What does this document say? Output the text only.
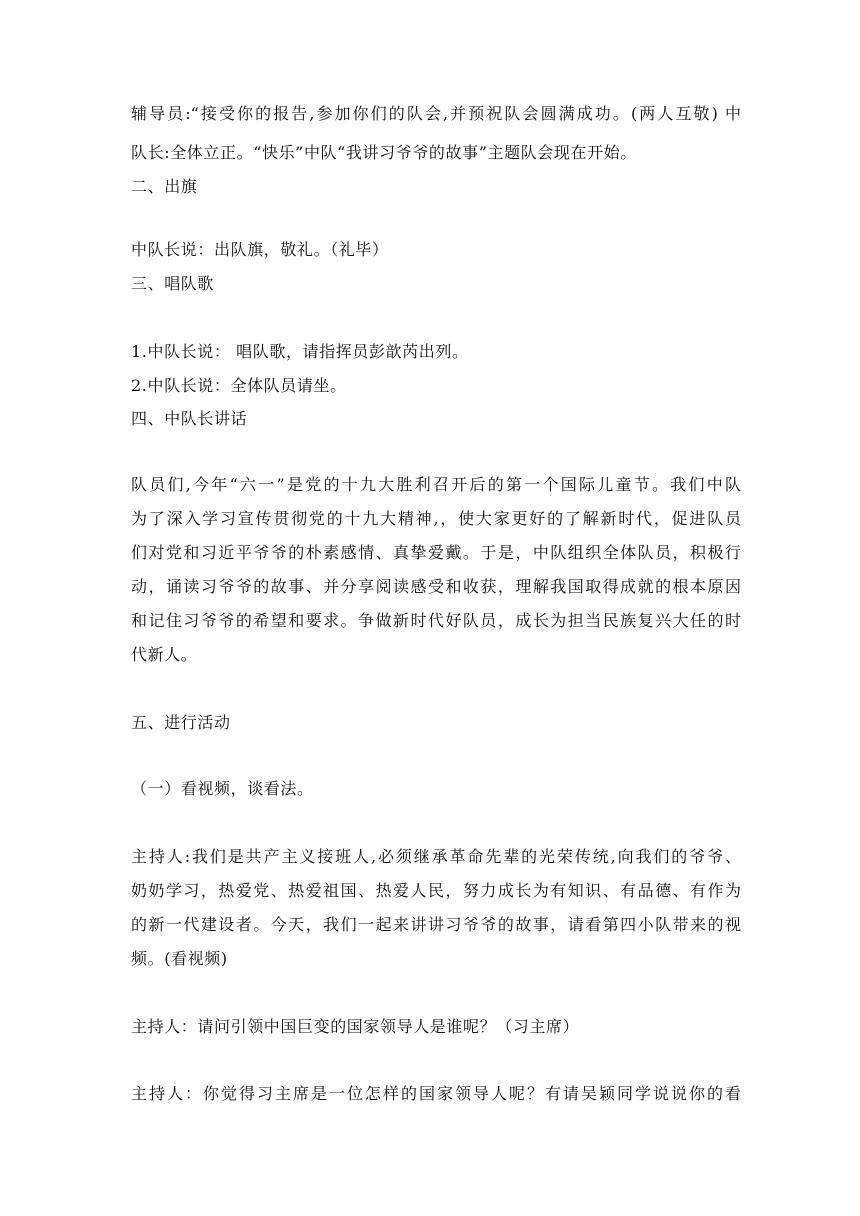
辅导员:“接受你的报告,参加你们的队会,并预祝队会圆满成功。(两人互敬) 中
队长:全体立正。“快乐”中队“我讲习爷爷的故事”主题队会现在开始。
二、出旗
中队长说：出队旗，敬礼。（礼毕）
三、唱队歌
1.中队长说： 唱队歌，请指挥员彭歆芮出列。
2.中队长说：全体队员请坐。
四、中队长讲话
队员们,今年“六一”是党的十九大胜利召开后的第一个国际儿童节。我们中队
为了深入学习宣传贯彻党的十九大精神,，使大家更好的了解新时代，促进队员
们对党和习近平爷爷的朴素感情、真挚爱戴。于是，中队组织全体队员，积极行
动，诵读习爷爷的故事、并分享阅读感受和收获，理解我国取得成就的根本原因
和记住习爷爷的希望和要求。争做新时代好队员，成长为担当民族复兴大任的时
代新人。
五、进行活动
（一）看视频，谈看法。
主持人:我们是共产主义接班人,必须继承革命先辈的光荣传统,向我们的爷爷、
奶奶学习，热爱党、热爱祖国、热爱人民，努力成长为有知识、有品德、有作为
的新一代建设者。今天，我们一起来讲讲习爷爷的故事，请看第四小队带来的视
频。(看视频)
主持人：请问引领中国巨变的国家领导人是谁呢？（习主席）
主持人：你觉得习主席是一位怎样的国家领导人呢？有请吴颖同学说说你的看
